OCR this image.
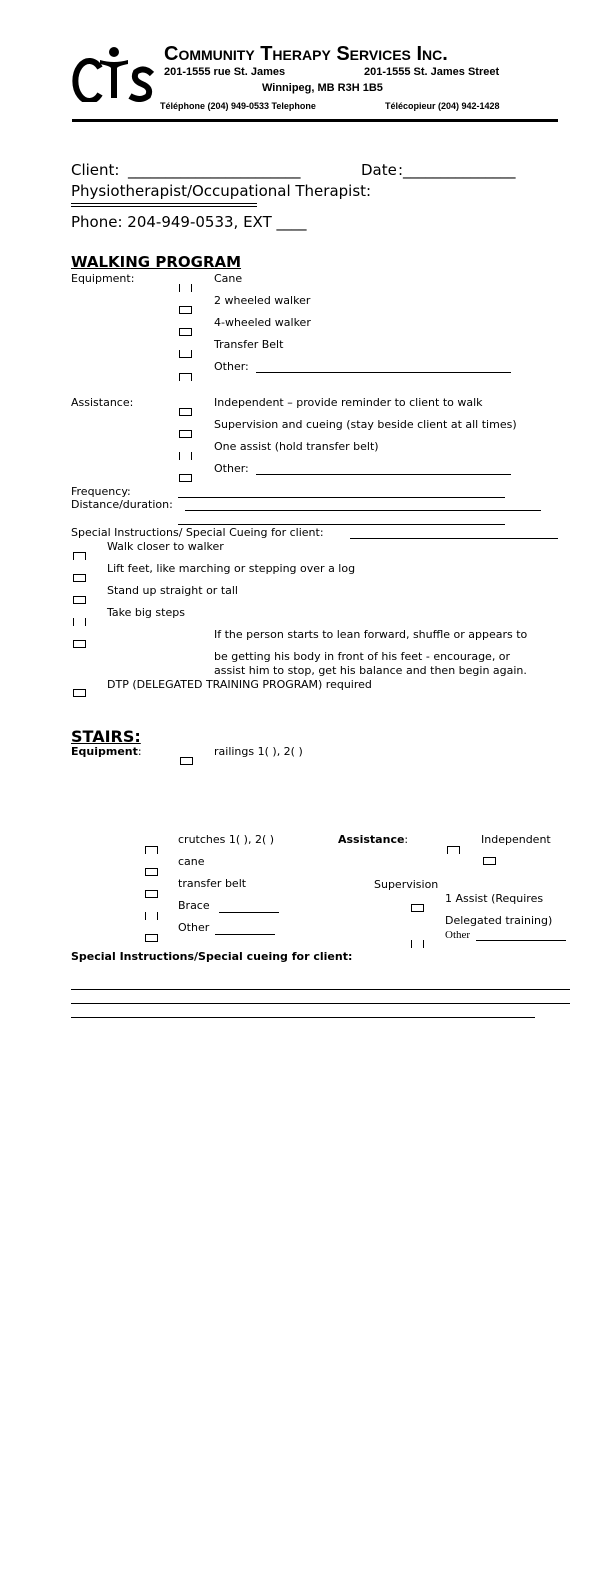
Community Therapy Services Inc.
201-1555 rue St. James	201-1555 St. James Street
Winnipeg, MB R3H 1B5
Téléphone (204) 949-0533 Telephone	Télécopieur (204) 942-1428
Client: _______________________	Date :_______________
Physiotherapist/Occupational Therapist:
Phone: 204-949-0533, EXT ____
WALKING PROGRAM
Equipment:	Cane
2 wheeled walker
4-wheeled walker
Transfer Belt
Other:
Assistance:	Independent – provide reminder to client to walk
Supervision and cueing (stay beside client at all times)
One assist (hold transfer belt)
Other:
Frequency:
Distance/duration:
Special Instructions/ Special Cueing for client:
Walk closer to walker
Lift feet, like marching or stepping over a log
Stand up straight or tall
Take big steps
If the person starts to lean forward, shuffle or appears to
be getting his body in front of his feet - encourage, or
assist him to stop, get his balance and then begin again.
DTP (DELEGATED TRAINING PROGRAM) required
STAIRS:
Equipment:	railings 1( ), 2( )
crutches 1( ), 2( )
cane
transfer belt
Brace
Other
Assistance:	Independent
Supervision
1 Assist (Requires
Delegated training)
Other
Special Instructions/Special cueing for client:
